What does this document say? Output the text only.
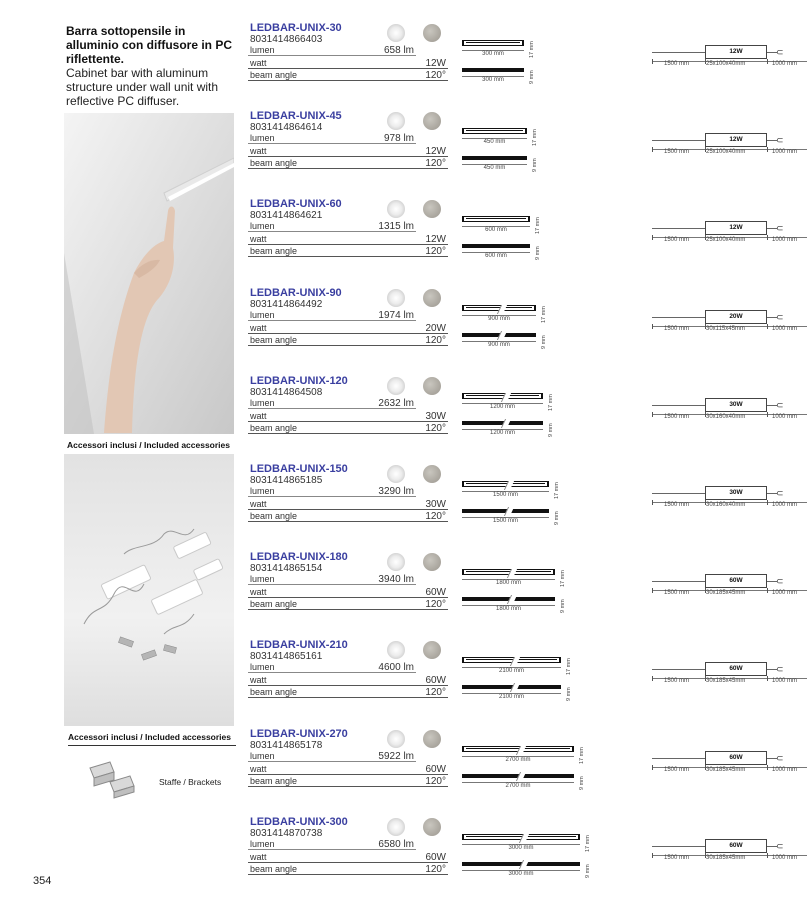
Barra sottopensile in alluminio con diffusore in PC riflettente.
Cabinet bar with aluminum structure under wall unit with reflective PC diffuser.
Accessori inclusi / Included accessories
Accessori inclusi / Included accessories
Staffe / Brackets
354
LEDBAR-UNIX-30
8031414866403
lumen	658 lm
watt	12W
beam angle	120°
300 mm	17 mm
300 mm	9 mm
12W	⊂
1500 mm	25x100x40mm	1000 mm
LEDBAR-UNIX-45
8031414864614
lumen	978 lm
watt	12W
beam angle	120°
450 mm	17 mm
450 mm	9 mm
12W	⊂
1500 mm	25x100x40mm	1000 mm
LEDBAR-UNIX-60
8031414864621
lumen	1315 lm
watt	12W
beam angle	120°
600 mm	17 mm
600 mm	9 mm
12W	⊂
1500 mm	25x100x40mm	1000 mm
LEDBAR-UNIX-90
8031414864492
lumen	1974 lm
watt	20W
beam angle	120°
900 mm	17 mm
900 mm	9 mm
20W	⊂
1500 mm	30x115x45mm	1000 mm
LEDBAR-UNIX-120
8031414864508
lumen	2632 lm
watt	30W
beam angle	120°
1200 mm	17 mm
1200 mm	9 mm
30W	⊂
1500 mm	30x160x40mm	1000 mm
LEDBAR-UNIX-150
8031414865185
lumen	3290 lm
watt	30W
beam angle	120°
1500 mm	17 mm
1500 mm	9 mm
30W	⊂
1500 mm	30x160x40mm	1000 mm
LEDBAR-UNIX-180
8031414865154
lumen	3940 lm
watt	60W
beam angle	120°
1800 mm	17 mm
1800 mm	9 mm
60W	⊂
1500 mm	30x185x45mm	1000 mm
LEDBAR-UNIX-210
8031414865161
lumen	4600 lm
watt	60W
beam angle	120°
2100 mm	17 mm
2100 mm	9 mm
60W	⊂
1500 mm	30x185x45mm	1000 mm
LEDBAR-UNIX-270
8031414865178
lumen	5922 lm
watt	60W
beam angle	120°
2700 mm	17 mm
2700 mm	9 mm
60W	⊂
1500 mm	30x185x45mm	1000 mm
LEDBAR-UNIX-300
8031414870738
lumen	6580 lm
watt	60W
beam angle	120°
3000 mm	17 mm
3000 mm	9 mm
60W	⊂
1500 mm	30x185x45mm	1000 mm
